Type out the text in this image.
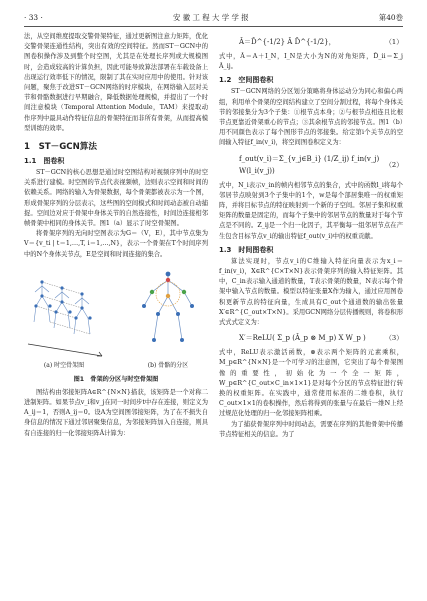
· 33 ·	安 徽 工 程 大 学 学 报	第40卷

法，从空间维度提取交警骨架特征，通过更新图注意力矩阵，优化交警骨架连通性结构，突出有效的空间特征。然而ST－GCN中的图卷积操作涉及到整个时空图，尤其是在处理长序列或大规模图时，会造成较高的计算负担，因此可能导致算法部署在车载设备上出现运行效率低下的情况，限制了其在实时应用中的使用。针对该问题，聚焦于改进ST－GCN网络的时序模块，在网络输入层对关节和骨骼数据进行早期融合，降低数据处理规模，并提出了一个时间注意模块（Temporal Attention Module，TAM）来提取动作序列中最具动作特征信息的骨架特征而非所有骨架，从而提高模型训练的效率。

1　ST－GCN算法
1.1　图卷积

ST－GCN的核心思想是通过时空图结构对视频序列中的时空关系进行建模。时空图的节点代表视频帧，边则表示空间和时间的依赖关系。网络的输入为骨架数据，每个骨架都被表示为一个图，形成骨架序列的分层表示，这些图的空间模式和时间动态被自动捕捉。空间边对应于骨架中身体关节的自然连接性，时间边连接相邻帧骨架中相同的身体关节。图1（a）显示了时空骨架图。

将骨架序列的无向时空图表示为G＝（V，E），其中节点集为V＝{v_ti | t＝1,…,T, i＝1,…,N}，表示一个骨架在T个时间序列中的N个身体关节点，E是空间和时间连接的集合。

(a) 时空骨架图	(b) 骨骼的分区
图1　骨架的分区与时空骨架图

图结构由邻接矩阵A∈R^{N×N}描获，该矩阵是一个对称二进制矩阵。如果节点v_i和v_j在同一时间步t中存在连接，则定义为A_ij＝1，否则A_ij＝0。设A为空间图邻接矩阵，为了在不损失自身信息的情况下通过邻居聚集信息，为邻接矩阵加入自连接，则具有自连接的归一化邻接矩阵Â计算为：

Â＝D̂^{-1/2} Â D̂^{-1/2}，	（1）

式中，Â＝A＋I_N，I_N是大小为N的对角矩阵，D̂_ii＝Σ_j Â_ij。

1.2　空间图卷积

ST－GCN网络的分区划分策略将身体运动分为同心和偏心两组，利用单个骨架的空间结构建立了空间分割过程，将每个身体关节的邻接集分为3个子集：①根节点本身；②与根节点相连且比根节点更靠近骨架重心的节点；③其余根节点的邻接节点。图1（b）用不同颜色表示了每个图形节点的邻接集。给定第i个关节点的空间输入特征f_in(v_i)，将空间图卷积定义为：

f_out(v_i)＝Σ_{v_j∈B_i} (1/Z_ij) f_in(v_j) W(l_i(v_j))
（2）

式中，N_i表示v_in的帧内相邻节点的集合，式中的函数l_i将每个邻居节点映射到3个子集中的1个，w是每个部居集唯一的权重矩阵，并将目标节点的特征映射到一个新的子空间。邻居子集和权重矩阵的数量是固定的，而每个子集中的邻居节点的数量对于每个节点是不同的。Z_ij是一个归一化因子，其平衡每一组邻居节点在产生包含目标节点v_i的输出特征f_out(v_i)中的权重贡献。

1.3　时间图卷积

算法实现时，节点v_i的C维输入特征向量表示为x_i＝f_in(v_i)，X∈R^{C×T×N}表示骨架序列的输入特征矩阵。其中，C_in表示输入通道的数量，T表示骨架的数量，N表示每个骨架中输入节点的数量。模型以特征张量X作为输入，通过应用图卷积更新节点的特征向量，生成具有C_out个通道数的输出张量X′∈R^{C_out×T×N}。采用GCN网络分层传播规则，将卷积形式式式定义为：

X′＝ReLU( Σ_p (Â_p ⊗ M_p) X W_p )	（3）

式中，ReLU表示激活函数，⊗表示两个矩阵的元素乘积，M_p∈R^{N×N}是一个可学习的注意图，它突出了每个骨架图像的重要性，初始化为一个全一矩阵，W_p∈R^{C_out×C_in×1×1}是对每个分区的节点特征进行转换的权重矩阵。在实践中，通常使用标准的二维卷积，执行C_out×1×1的卷积操作，然后将得到的张量与在最后一维N上经过规范化处理的归一化邻接矩阵相乘。

为了捕获骨架序列中时间动态，需要在序列的其他骨架中传播节点特征相关的信息。为了
